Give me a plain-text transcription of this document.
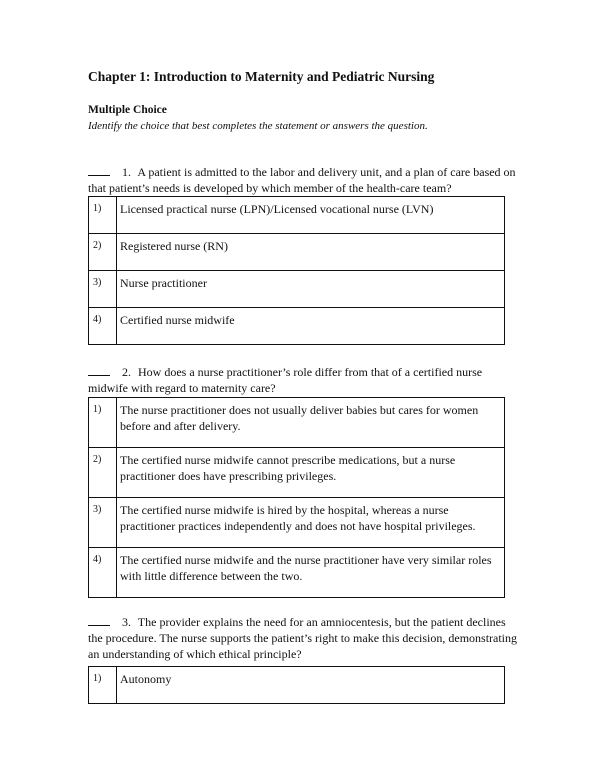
Chapter 1: Introduction to Maternity and Pediatric Nursing
Multiple Choice
Identify the choice that best completes the statement or answers the question.
1. A patient is admitted to the labor and delivery unit, and a plan of care based on that patient’s needs is developed by which member of the health-care team?
1)	Licensed practical nurse (LPN)/Licensed vocational nurse (LVN)
2)	Registered nurse (RN)
3)	Nurse practitioner
4)	Certified nurse midwife
2. How does a nurse practitioner’s role differ from that of a certified nurse midwife with regard to maternity care?
1)	The nurse practitioner does not usually deliver babies but cares for women before and after delivery.
2)	The certified nurse midwife cannot prescribe medications, but a nurse practitioner does have prescribing privileges.
3)	The certified nurse midwife is hired by the hospital, whereas a nurse practitioner practices independently and does not have hospital privileges.
4)	The certified nurse midwife and the nurse practitioner have very similar roles with little difference between the two.
3. The provider explains the need for an amniocentesis, but the patient declines the procedure. The nurse supports the patient’s right to make this decision, demonstrating an understanding of which ethical principle?
1)	Autonomy
